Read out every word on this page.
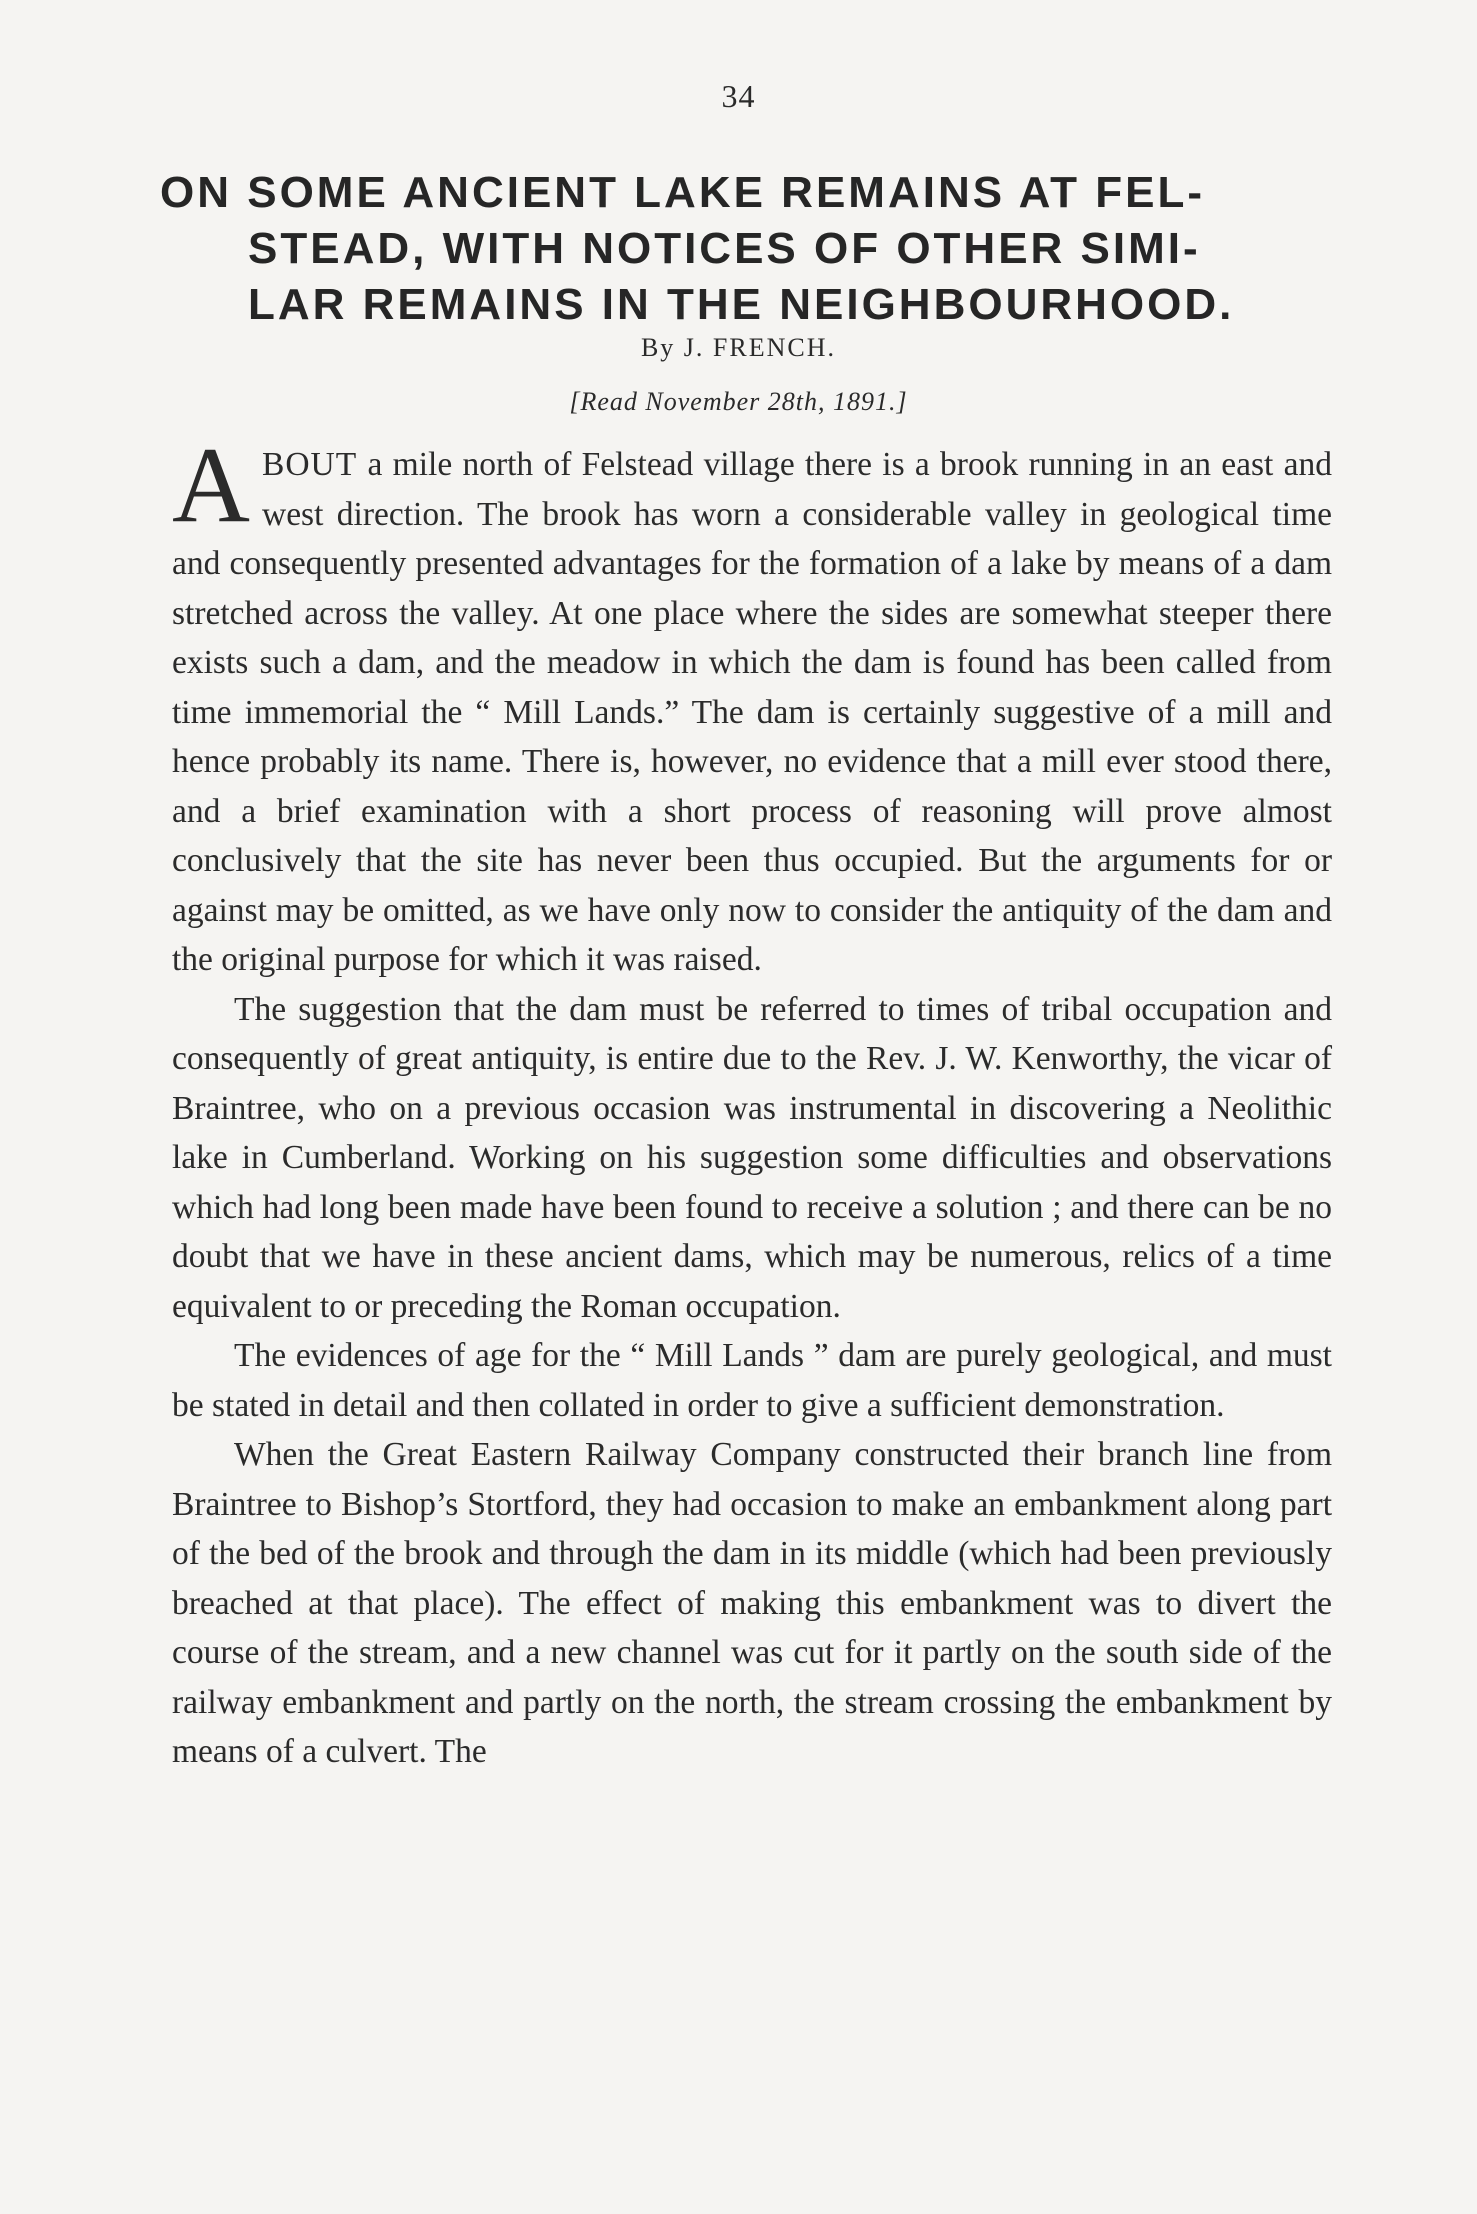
34
ON SOME ANCIENT LAKE REMAINS AT FEL-
STEAD, WITH NOTICES OF OTHER SIMI-
LAR REMAINS IN THE NEIGHBOURHOOD.
By J. FRENCH.
[Read November 28th, 1891.]

ABOUT a mile north of Felstead village there is a brook running in an east and west direction. The brook has worn a considerable valley in geological time and consequently presented advantages for the formation of a lake by means of a dam stretched across the valley. At one place where the sides are somewhat steeper there exists such a dam, and the meadow in which the dam is found has been called from time immemorial the “ Mill Lands.” The dam is certainly suggestive of a mill and hence probably its name. There is, however, no evidence that a mill ever stood there, and a brief examination with a short process of reasoning will prove almost conclusively that the site has never been thus occupied. But the arguments for or against may be omitted, as we have only now to consider the antiquity of the dam and the original purpose for which it was raised.

The suggestion that the dam must be referred to times of tribal occupation and consequently of great antiquity, is entire due to the Rev. J. W. Kenworthy, the vicar of Braintree, who on a previous occasion was instrumental in discovering a Neolithic lake in Cumberland. Working on his suggestion some difficulties and observations which had long been made have been found to receive a solution ; and there can be no doubt that we have in these ancient dams, which may be numerous, relics of a time equivalent to or preceding the Roman occupation.

The evidences of age for the “ Mill Lands ” dam are purely geological, and must be stated in detail and then collated in order to give a sufficient demonstration.

When the Great Eastern Railway Company constructed their branch line from Braintree to Bishop’s Stortford, they had occasion to make an embankment along part of the bed of the brook and through the dam in its middle (which had been previously breached at that place). The effect of making this embankment was to divert the course of the stream, and a new channel was cut for it partly on the south side of the railway embankment and partly on the north, the stream crossing the embankment by means of a culvert. The
